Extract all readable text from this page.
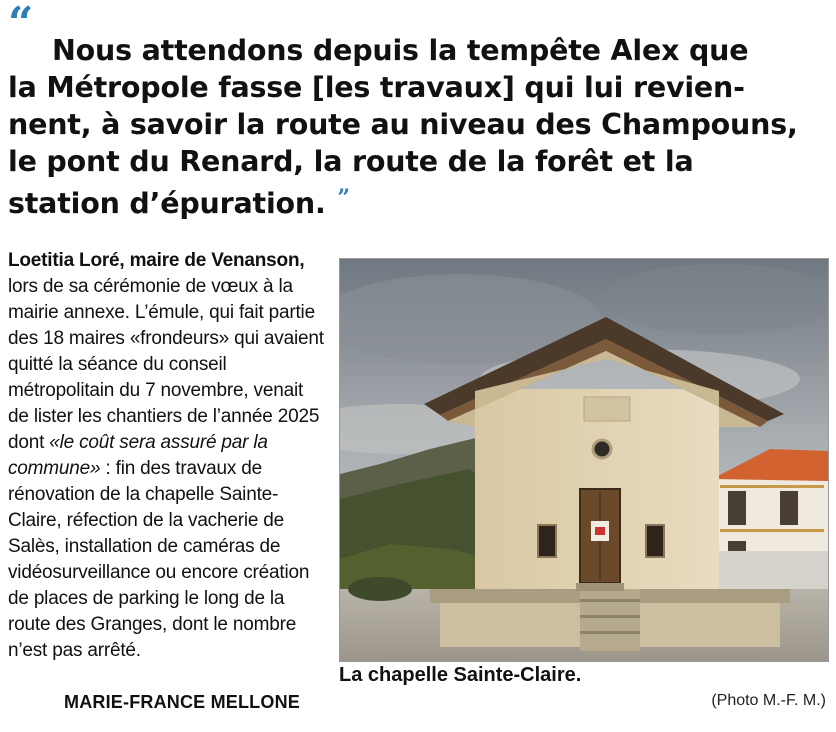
“

Nous attendons depuis la tempête Alex que
la Métropole fasse [les travaux] qui lui revien-
nent, à savoir la route au niveau des Champouns,
le pont du Renard, la route de la forêt et la
station d’épuration. ”

Loetitia Loré, maire de Venanson, lors de sa cérémonie de vœux à la mairie annexe. L’émule, qui fait partie des 18 maires «frondeurs» qui avaient quitté la séance du conseil métropolitain du 7 novembre, venait de lister les chantiers de l’année 2025 dont «le coût sera assuré par la commune» : fin des travaux de rénovation de la chapelle Sainte-Claire, réfection de la vacherie de Salès, installation de caméras de vidéosurveillance ou encore création de places de parking le long de la route des Granges, dont le nombre n’est pas arrêté.

MARIE-FRANCE MELLONE
La chapelle Sainte-Claire.
(Photo M.-F. M.)
